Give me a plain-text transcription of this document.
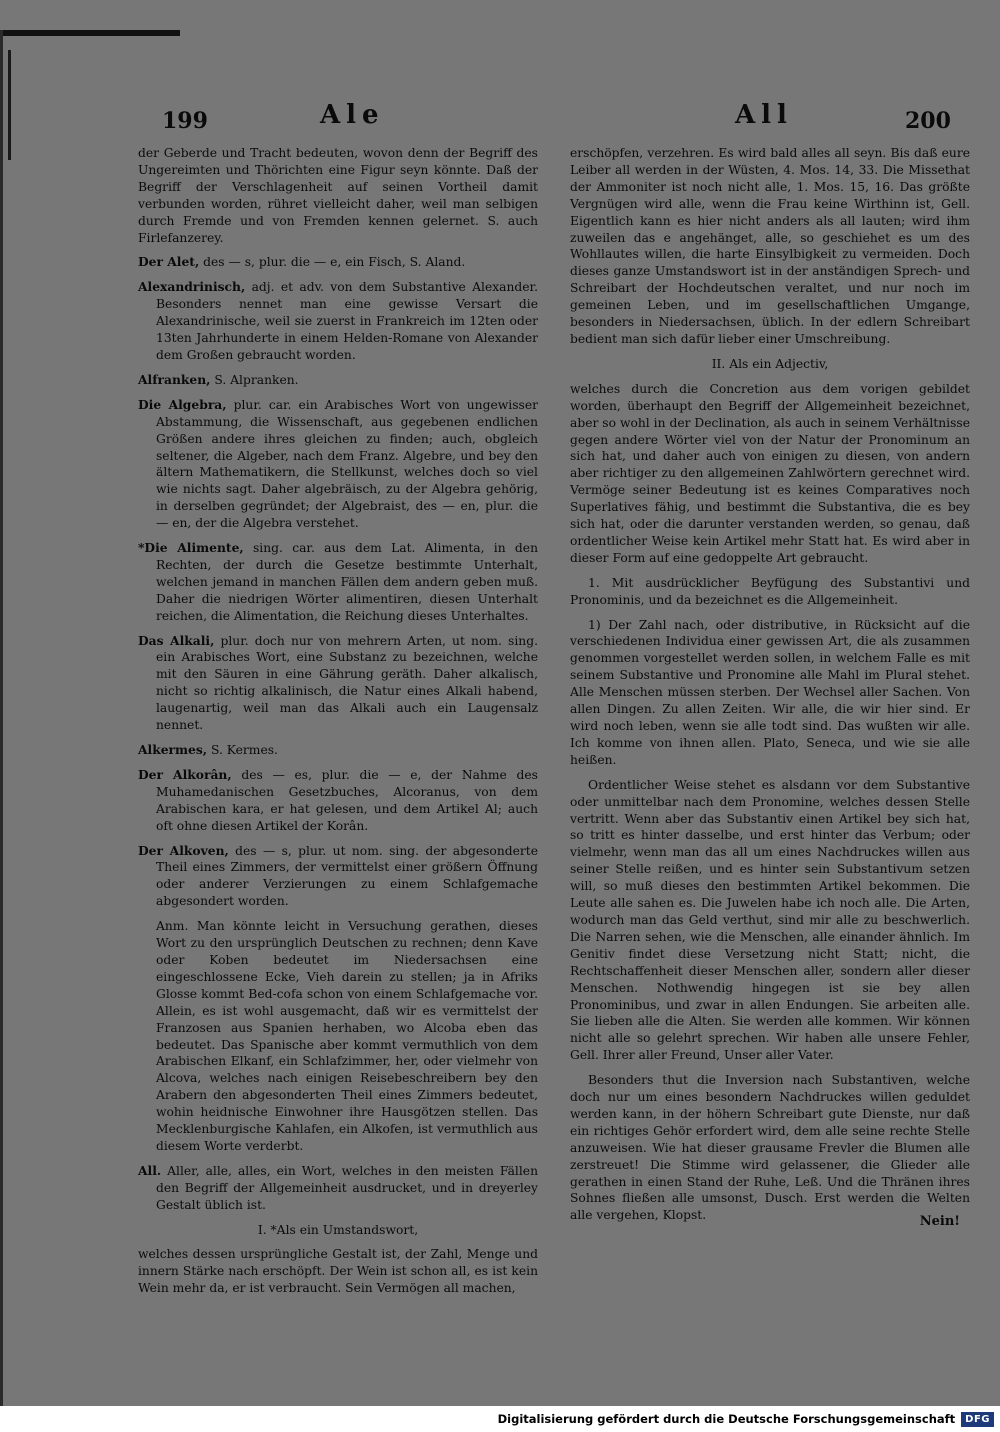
199	Ale	All	200

der Geberde und Tracht bedeuten, wovon denn der Begriff des Ungereimten und Thörichten eine Figur seyn könnte. Daß der Begriff der Verschlagenheit auf seinen Vortheil damit verbunden worden, rühret vielleicht daher, weil man selbigen durch Fremde und von Fremden kennen gelernet. S. auch Firlefanzerey.

Der Alet, des — s, plur. die — e, ein Fisch, S. Aland.

Alexandrinisch, adj. et adv. von dem Substantive Alexander. Besonders nennet man eine gewisse Versart die Alexandrinische, weil sie zuerst in Frankreich im 12ten oder 13ten Jahrhunderte in einem Helden-Romane von Alexander dem Großen gebraucht worden.

Alfranken, S. Alpranken.

Die Algebra, plur. car. ein Arabisches Wort von ungewisser Abstammung, die Wissenschaft, aus gegebenen endlichen Größen andere ihres gleichen zu finden; auch, obgleich seltener, die Algeber, nach dem Franz. Algebre, und bey den ältern Mathematikern, die Stellkunst, welches doch so viel wie nichts sagt. Daher algebräisch, zu der Algebra gehörig, in derselben gegründet; der Algebraist, des — en, plur. die — en, der die Algebra verstehet.

*Die Alimente, sing. car. aus dem Lat. Alimenta, in den Rechten, der durch die Gesetze bestimmte Unterhalt, welchen jemand in manchen Fällen dem andern geben muß. Daher die niedrigen Wörter alimentiren, diesen Unterhalt reichen, die Alimentation, die Reichung dieses Unterhaltes.

Das Alkali, plur. doch nur von mehrern Arten, ut nom. sing. ein Arabisches Wort, eine Substanz zu bezeichnen, welche mit den Säuren in eine Gährung geräth. Daher alkalisch, nicht so richtig alkalinisch, die Natur eines Alkali habend, laugenartig, weil man das Alkali auch ein Laugensalz nennet.

Alkermes, S. Kermes.

Der Alkorân, des — es, plur. die — e, der Nahme des Muhamedanischen Gesetzbuches, Alcoranus, von dem Arabischen kara, er hat gelesen, und dem Artikel Al; auch oft ohne diesen Artikel der Korân.

Der Alkoven, des — s, plur. ut nom. sing. der abgesonderte Theil eines Zimmers, der vermittelst einer größern Öffnung oder anderer Verzierungen zu einem Schlafgemache abgesondert worden.

Anm. Man könnte leicht in Versuchung gerathen, dieses Wort zu den ursprünglich Deutschen zu rechnen; denn Kave oder Koben bedeutet im Niedersachsen eine eingeschlossene Ecke, Vieh darein zu stellen; ja in Afriks Glosse kommt Bed-cofa schon von einem Schlafgemache vor. Allein, es ist wohl ausgemacht, daß wir es vermittelst der Franzosen aus Spanien herhaben, wo Alcoba eben das bedeutet. Das Spanische aber kommt vermuthlich von dem Arabischen Elkanf, ein Schlafzimmer, her, oder vielmehr von Alcova, welches nach einigen Reisebeschreibern bey den Arabern den abgesonderten Theil eines Zimmers bedeutet, wohin heidnische Einwohner ihre Hausgötzen stellen. Das Mecklenburgische Kahlafen, ein Alkofen, ist vermuthlich aus diesem Worte verderbt.

All. Aller, alle, alles, ein Wort, welches in den meisten Fällen den Begriff der Allgemeinheit ausdrucket, und in dreyerley Gestalt üblich ist.

I. *Als ein Umstandswort,

welches dessen ursprüngliche Gestalt ist, der Zahl, Menge und innern Stärke nach erschöpft. Der Wein ist schon all, es ist kein Wein mehr da, er ist verbraucht. Sein Vermögen all machen,

erschöpfen, verzehren. Es wird bald alles all seyn. Bis daß eure Leiber all werden in der Wüsten, 4. Mos. 14, 33. Die Missethat der Ammoniter ist noch nicht alle, 1. Mos. 15, 16. Das größte Vergnügen wird alle, wenn die Frau keine Wirthinn ist, Gell. Eigentlich kann es hier nicht anders als all lauten; wird ihm zuweilen das e angehänget, alle, so geschiehet es um des Wohllautes willen, die harte Einsylbigkeit zu vermeiden. Doch dieses ganze Umstandswort ist in der anständigen Sprech- und Schreibart der Hochdeutschen veraltet, und nur noch im gemeinen Leben, und im gesellschaftlichen Umgange, besonders in Niedersachsen, üblich. In der edlern Schreibart bedient man sich dafür lieber einer Umschreibung.

II. Als ein Adjectiv,

welches durch die Concretion aus dem vorigen gebildet worden, überhaupt den Begriff der Allgemeinheit bezeichnet, aber so wohl in der Declination, als auch in seinem Verhältnisse gegen andere Wörter viel von der Natur der Pronominum an sich hat, und daher auch von einigen zu diesen, von andern aber richtiger zu den allgemeinen Zahlwörtern gerechnet wird. Vermöge seiner Bedeutung ist es keines Comparatives noch Superlatives fähig, und bestimmt die Substantiva, die es bey sich hat, oder die darunter verstanden werden, so genau, daß ordentlicher Weise kein Artikel mehr Statt hat. Es wird aber in dieser Form auf eine gedoppelte Art gebraucht.

1. Mit ausdrücklicher Beyfügung des Substantivi und Pronominis, und da bezeichnet es die Allgemeinheit.

1) Der Zahl nach, oder distributive, in Rücksicht auf die verschiedenen Individua einer gewissen Art, die als zusammen genommen vorgestellet werden sollen, in welchem Falle es mit seinem Substantive und Pronomine alle Mahl im Plural stehet. Alle Menschen müssen sterben. Der Wechsel aller Sachen. Von allen Dingen. Zu allen Zeiten. Wir alle, die wir hier sind. Er wird noch leben, wenn sie alle todt sind. Das wußten wir alle. Ich komme von ihnen allen. Plato, Seneca, und wie sie alle heißen.

Ordentlicher Weise stehet es alsdann vor dem Substantive oder unmittelbar nach dem Pronomine, welches dessen Stelle vertritt. Wenn aber das Substantiv einen Artikel bey sich hat, so tritt es hinter dasselbe, und erst hinter das Verbum; oder vielmehr, wenn man das all um eines Nachdruckes willen aus seiner Stelle reißen, und es hinter sein Substantivum setzen will, so muß dieses den bestimmten Artikel bekommen. Die Leute alle sahen es. Die Juwelen habe ich noch alle. Die Arten, wodurch man das Geld verthut, sind mir alle zu beschwerlich. Die Narren sehen, wie die Menschen, alle einander ähnlich. Im Genitiv findet diese Versetzung nicht Statt; nicht, die Rechtschaffenheit dieser Menschen aller, sondern aller dieser Menschen. Nothwendig hingegen ist sie bey allen Pronominibus, und zwar in allen Endungen. Sie arbeiten alle. Sie lieben alle die Alten. Sie werden alle kommen. Wir können nicht alle so gelehrt sprechen. Wir haben alle unsere Fehler, Gell. Ihrer aller Freund, Unser aller Vater.

Besonders thut die Inversion nach Substantiven, welche doch nur um eines besondern Nachdruckes willen geduldet werden kann, in der höhern Schreibart gute Dienste, nur daß ein richtiges Gehör erfordert wird, dem alle seine rechte Stelle anzuweisen. Wie hat dieser grausame Frevler die Blumen alle zerstreuet! Die Stimme wird gelassener, die Glieder alle gerathen in einen Stand der Ruhe, Leß. Und die Thränen ihres Sohnes fließen alle umsonst, Dusch. Erst werden die Welten alle vergehen, Klopst.	Nein!
Digitalisierung gefördert durch die Deutsche Forschungsgemeinschaft	DFG
